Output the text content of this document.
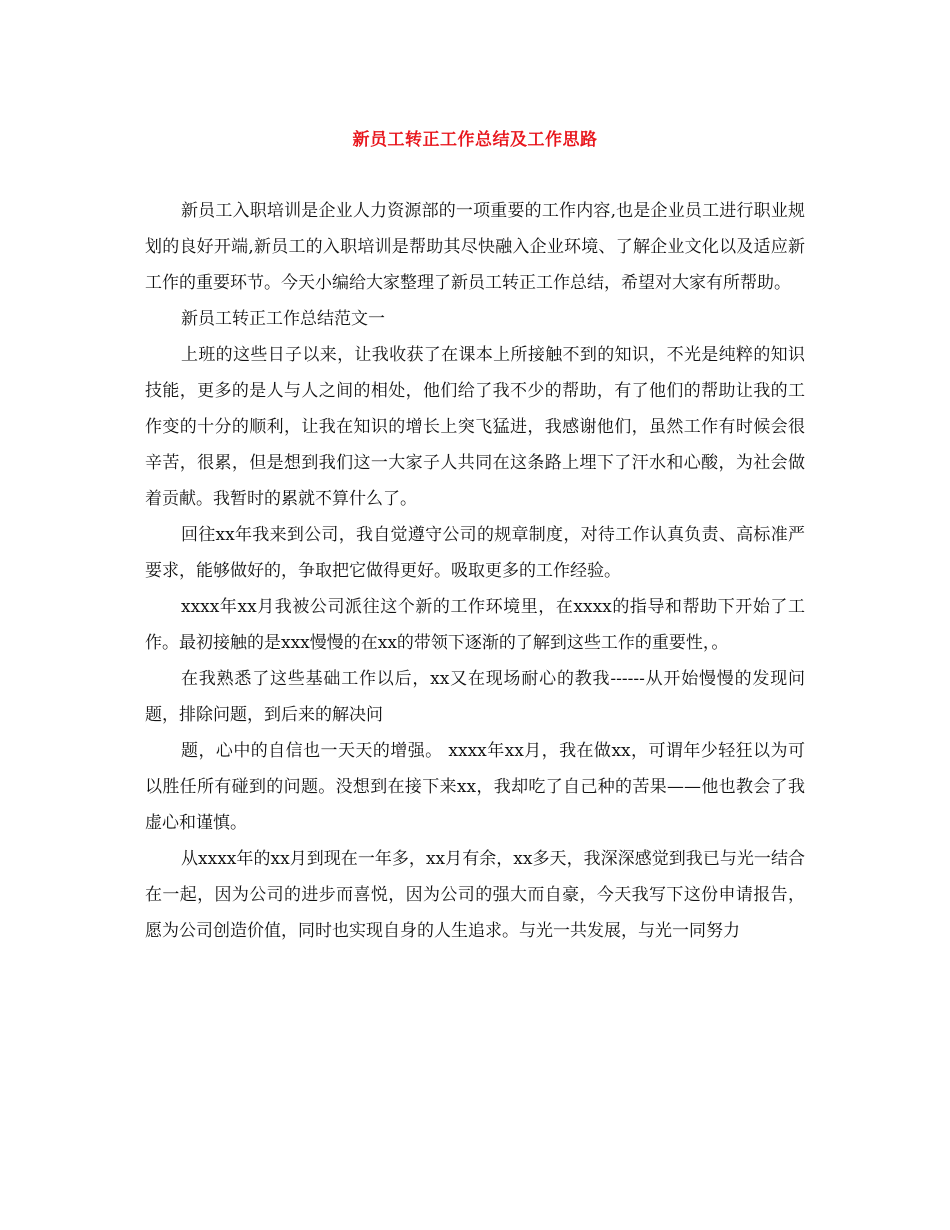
新员工转正工作总结及工作思路

新员工入职培训是企业人力资源部的一项重要的工作内容,也是企业员工进行职业规划的良好开端,新员工的入职培训是帮助其尽快融入企业环境、了解企业文化以及适应新工作的重要环节。今天小编给大家整理了新员工转正工作总结，希望对大家有所帮助。

新员工转正工作总结范文一

上班的这些日子以来，让我收获了在课本上所接触不到的知识，不光是纯粹的知识技能，更多的是人与人之间的相处，他们给了我不少的帮助，有了他们的帮助让我的工作变的十分的顺利，让我在知识的增长上突飞猛进，我感谢他们，虽然工作有时候会很辛苦，很累，但是想到我们这一大家子人共同在这条路上埋下了汗水和心酸，为社会做着贡献。我暂时的累就不算什么了。

回往xx年我来到公司，我自觉遵守公司的规章制度，对待工作认真负责、高标准严要求，能够做好的，争取把它做得更好。吸取更多的工作经验。

xxxx年xx月我被公司派往这个新的工作环境里，在xxxx的指导和帮助下开始了工作。最初接触的是xxx慢慢的在xx的带领下逐渐的了解到这些工作的重要性，。

在我熟悉了这些基础工作以后，xx又在现场耐心的教我------从开始慢慢的发现问题，排除问题，到后来的解决问

题，心中的自信也一天天的增强。 xxxx年xx月，我在做xx，可谓年少轻狂以为可以胜任所有碰到的问题。没想到在接下来xx，我却吃了自己种的苦果——他也教会了我虚心和谨慎。

从xxxx年的xx月到现在一年多，xx月有余，xx多天，我深深感觉到我已与光一结合在一起，因为公司的进步而喜悦，因为公司的强大而自豪，今天我写下这份申请报告，愿为公司创造价值，同时也实现自身的人生追求。与光一共发展，与光一同努力
